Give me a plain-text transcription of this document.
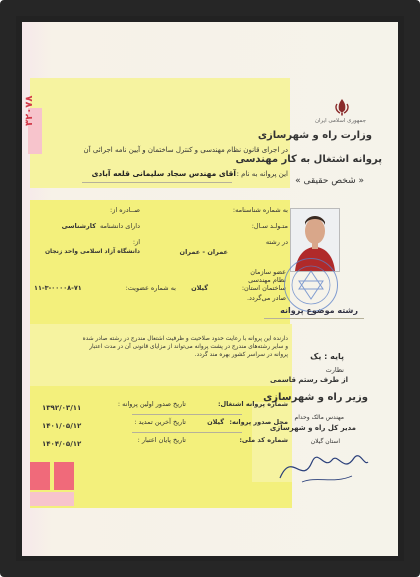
۳۲۰۷۸	جمهوری اسلامی ایران
وزارت راه و شهرسازی
پروانه اشتغال به کار مهندسی
« شخص حقیقی »
در اجرای قانون نظام مهندسی و کنترل ساختمان و آیین نامه اجرائی آن
این پروانه به نام :
آقای مهندس سجاد سلیمانی قلعه آبادی
به شماره شناسنامه:
صــادره از:
متـولـد سـال:
دارای دانشنامه
کارشناسی
در رشته
عمران - عمران
از:
دانشگاه آزاد اسلامی واحد زنجان
عضو سازمان
نظام مهندسی
ساختمان استان:
گیلان
صادر می‌گردد.
به شماره عضویت:
۱۱-۳-۰۰۰۰۸-۷۱
رشته موضوع پروانه
دارنده این پروانه با رعایت حدود صلاحیت و ظرفیت اشتغال مندرج در رشته صادر شده
و سایر رشته‌های مندرج در پشت پروانه می‌تواند از مزایای قانونی آن در مدت اعتبار
پروانه در سراسر کشور بهره مند گردد.	پایه : یک
نظارت
از طرف رستم قاسمی
وزیر راه و شهرسازی
مهندس مالک وحدام
مدیر کل راه و شهرسازی
استان گیلان
شماره پروانه اشتغال:
تاریخ صدور اولین پروانه :
۱۳۹۲/۰۳/۱۱
محل صدور پروانه:
گیلان
تاریخ آخرین تمدید :
۱۴۰۱/۰۵/۱۲
شماره کد ملی:
تاریخ پایان اعتبار :
۱۴۰۴/۰۵/۱۲
